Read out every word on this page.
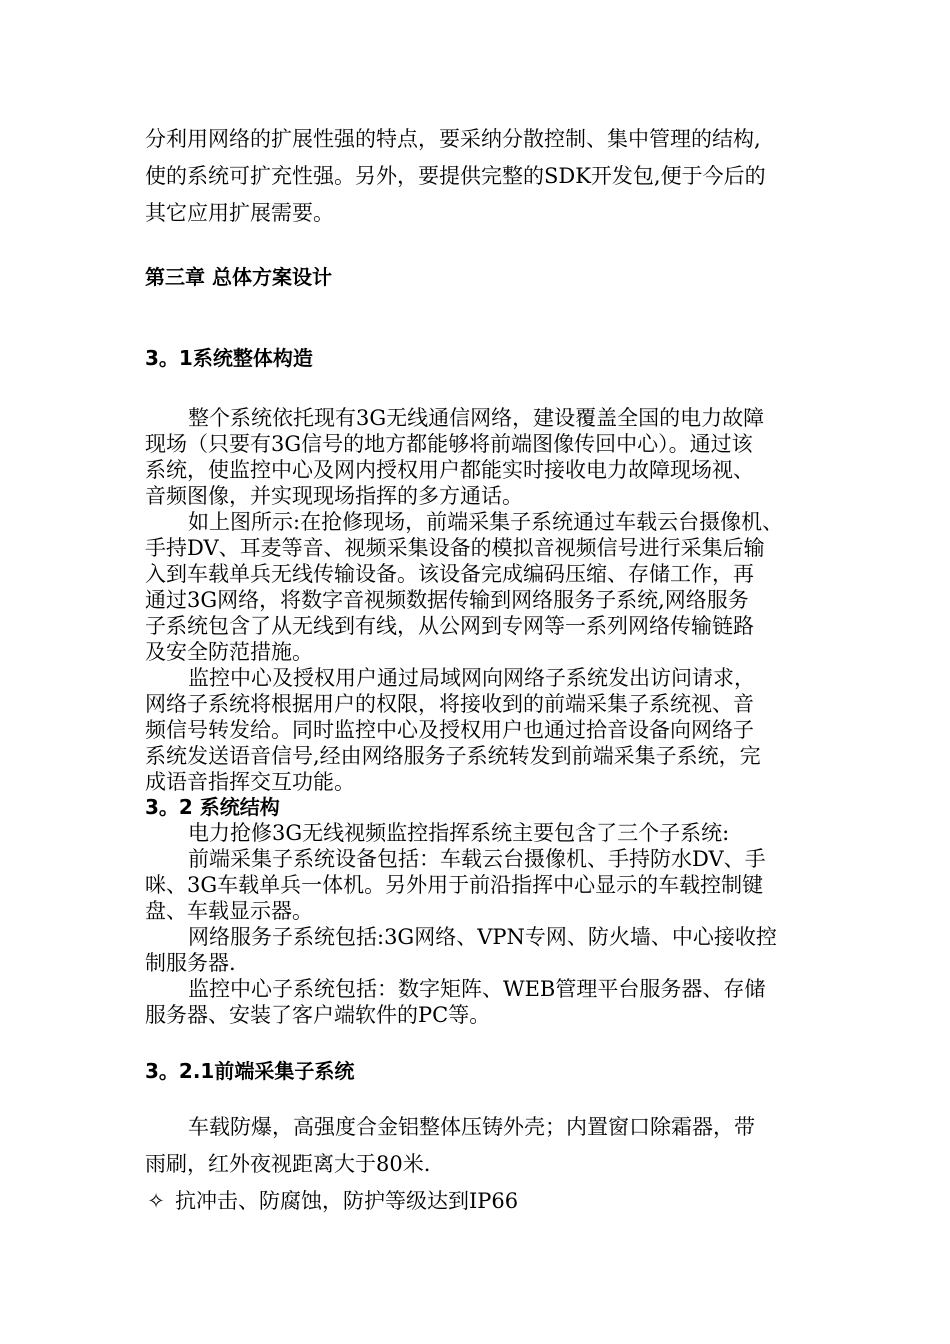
分利用网络的扩展性强的特点，要采纳分散控制、集中管理的结构,
使的系统可扩充性强。另外，要提供完整的SDK开发包,便于今后的
其它应用扩展需要。
第三章 总体方案设计
3。1系统整体构造
整个系统依托现有3G无线通信网络，建设覆盖全国的电力故障
现场（只要有3G信号的地方都能够将前端图像传回中心）。通过该
系统，使监控中心及网内授权用户都能实时接收电力故障现场视、
音频图像，并实现现场指挥的多方通话。
如上图所示:在抢修现场，前端采集子系统通过车载云台摄像机、
手持DV、耳麦等音、视频采集设备的模拟音视频信号进行采集后输
入到车载单兵无线传输设备。该设备完成编码压缩、存储工作，再
通过3G网络，将数字音视频数据传输到网络服务子系统,网络服务
子系统包含了从无线到有线，从公网到专网等一系列网络传输链路
及安全防范措施。
监控中心及授权用户通过局域网向网络子系统发出访问请求，
网络子系统将根据用户的权限，将接收到的前端采集子系统视、音
频信号转发给。同时监控中心及授权用户也通过拾音设备向网络子
系统发送语音信号,经由网络服务子系统转发到前端采集子系统，完
成语音指挥交互功能。
3。2 系统结构
电力抢修3G无线视频监控指挥系统主要包含了三个子系统:
前端采集子系统设备包括：车载云台摄像机、手持防水DV、手
咪、3G车载单兵一体机。另外用于前沿指挥中心显示的车载控制键
盘、车载显示器。
网络服务子系统包括:3G网络、VPN专网、防火墙、中心接收控
制服务器.
监控中心子系统包括：数字矩阵、WEB管理平台服务器、存储
服务器、安装了客户端软件的PC等。
3。2.1前端采集子系统
车载防爆，高强度合金铝整体压铸外壳；内置窗口除霜器，带
雨刷，红外夜视距离大于80米.
✧ 抗冲击、防腐蚀，防护等级达到IP66
